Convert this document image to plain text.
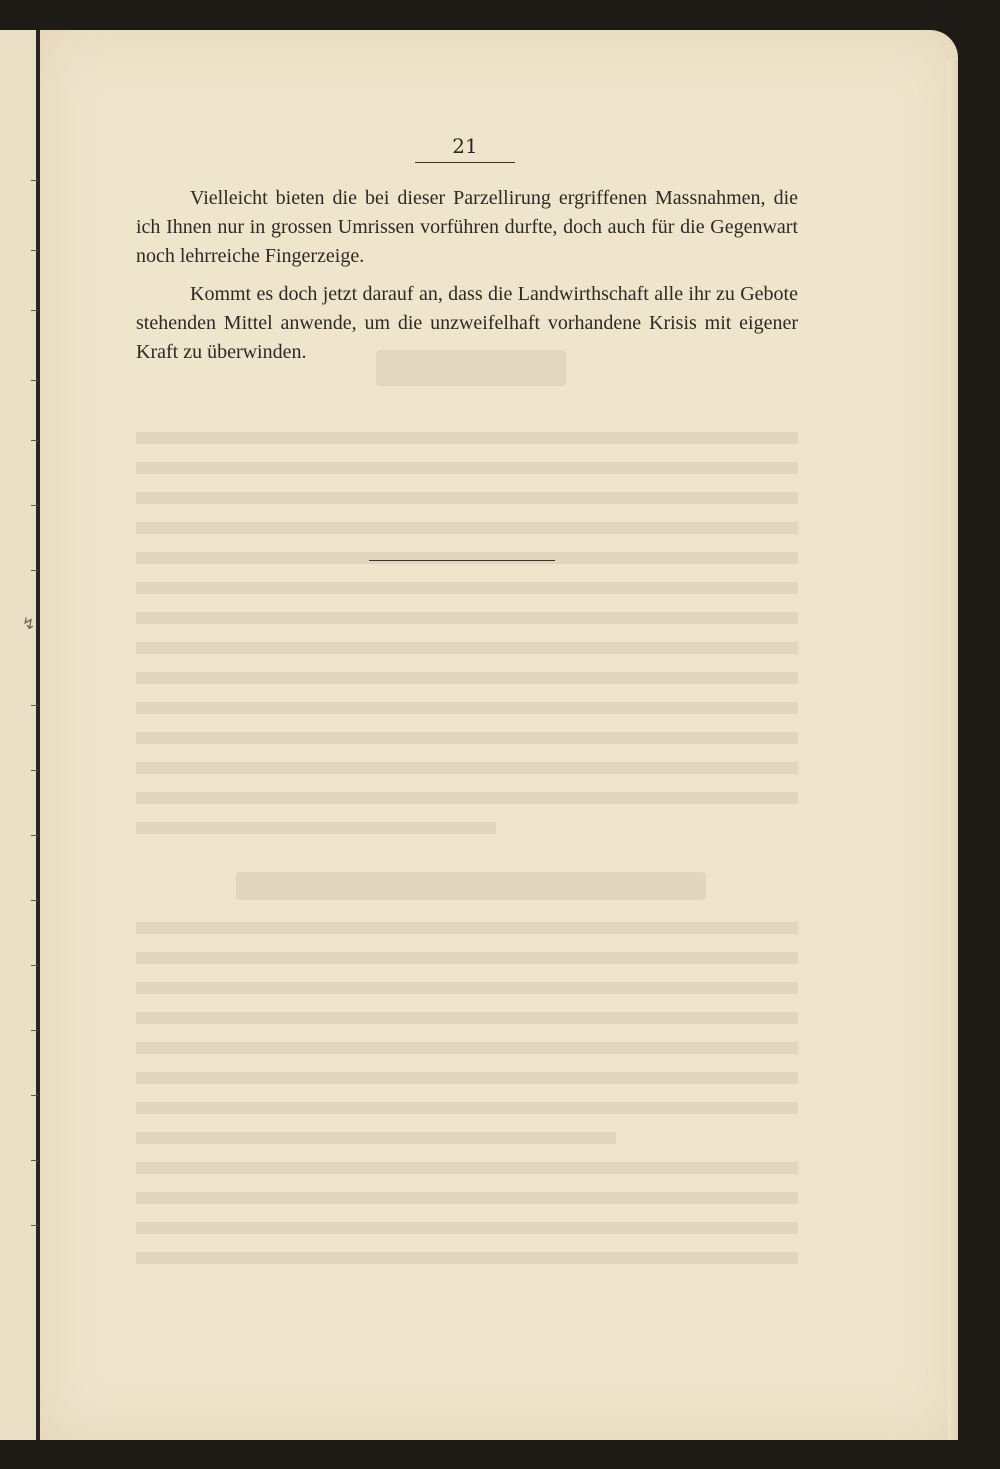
↯
21

Vielleicht bieten die bei dieser Parzellirung ergriffenen Massnahmen, die ich Ihnen nur in grossen Umrissen vorführen durfte, doch auch für die Gegenwart noch lehrreiche Fingerzeige.

Kommt es doch jetzt darauf an, dass die Landwirthschaft alle ihr zu Gebote stehenden Mittel anwende, um die unzweifelhaft vorhandene Krisis mit eigener Kraft zu überwinden.
